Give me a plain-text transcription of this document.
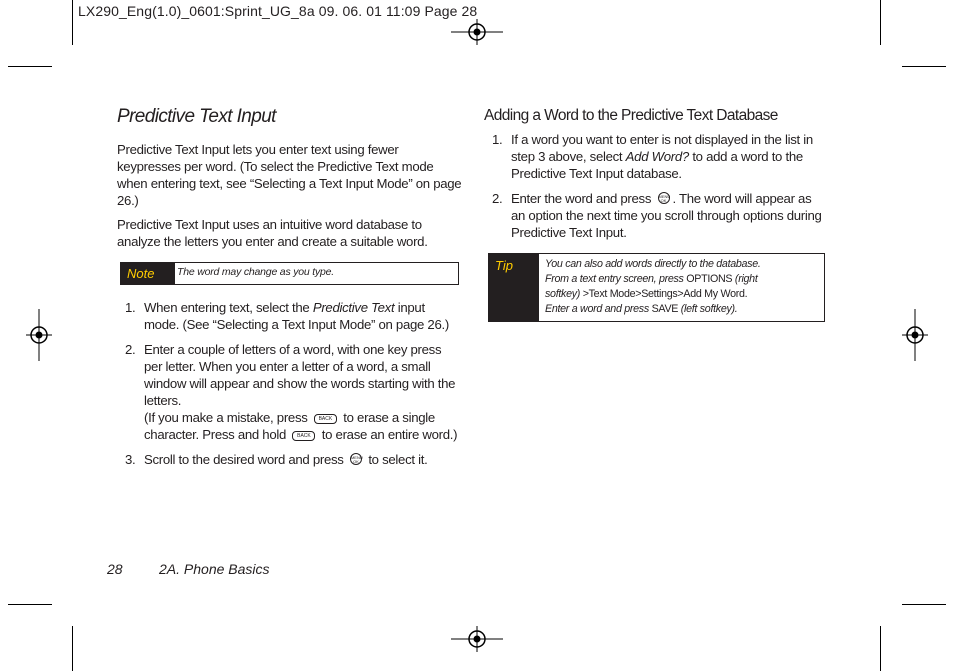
LX290_Eng(1.0)_0601:Sprint_UG_8a 09. 06. 01 11:09 Page 28
Predictive Text Input

Predictive Text Input lets you enter text using fewer keypresses per word. (To select the Predictive Text mode when entering text, see “Selecting a Text Input Mode” on page 26.)

Predictive Text Input uses an intuitive word database to analyze the letters you enter and create a suitable word.

Note	The word may change as you type.
1. When entering text, select the Predictive Text input mode. (See “Selecting a Text Input Mode” on page 26.)
2. Enter a couple of letters of a word, with one key press per letter. When you enter a letter of a word, a small window will appear and show the words starting with the letters.
(If you make a mistake, press BACK to erase a single character. Press and hold BACK to erase an entire word.)
3. Scroll to the desired word and press MENU
OK to select it.
Adding a Word to the Predictive Text Database
1. If a word you want to enter is not displayed in the list in step 3 above, select Add Word? to add a word to the Predictive Text Input database.
2. Enter the word and press MENU
OK . The word will appear as an option the next time you scroll through options during Predictive Text Input.
Tip	You can also add words directly to the database.
From a text entry screen, press OPTIONS (right
softkey) >Text Mode>Settings>Add My Word.
Enter a word and press SAVE (left softkey).
28	2A. Phone Basics
